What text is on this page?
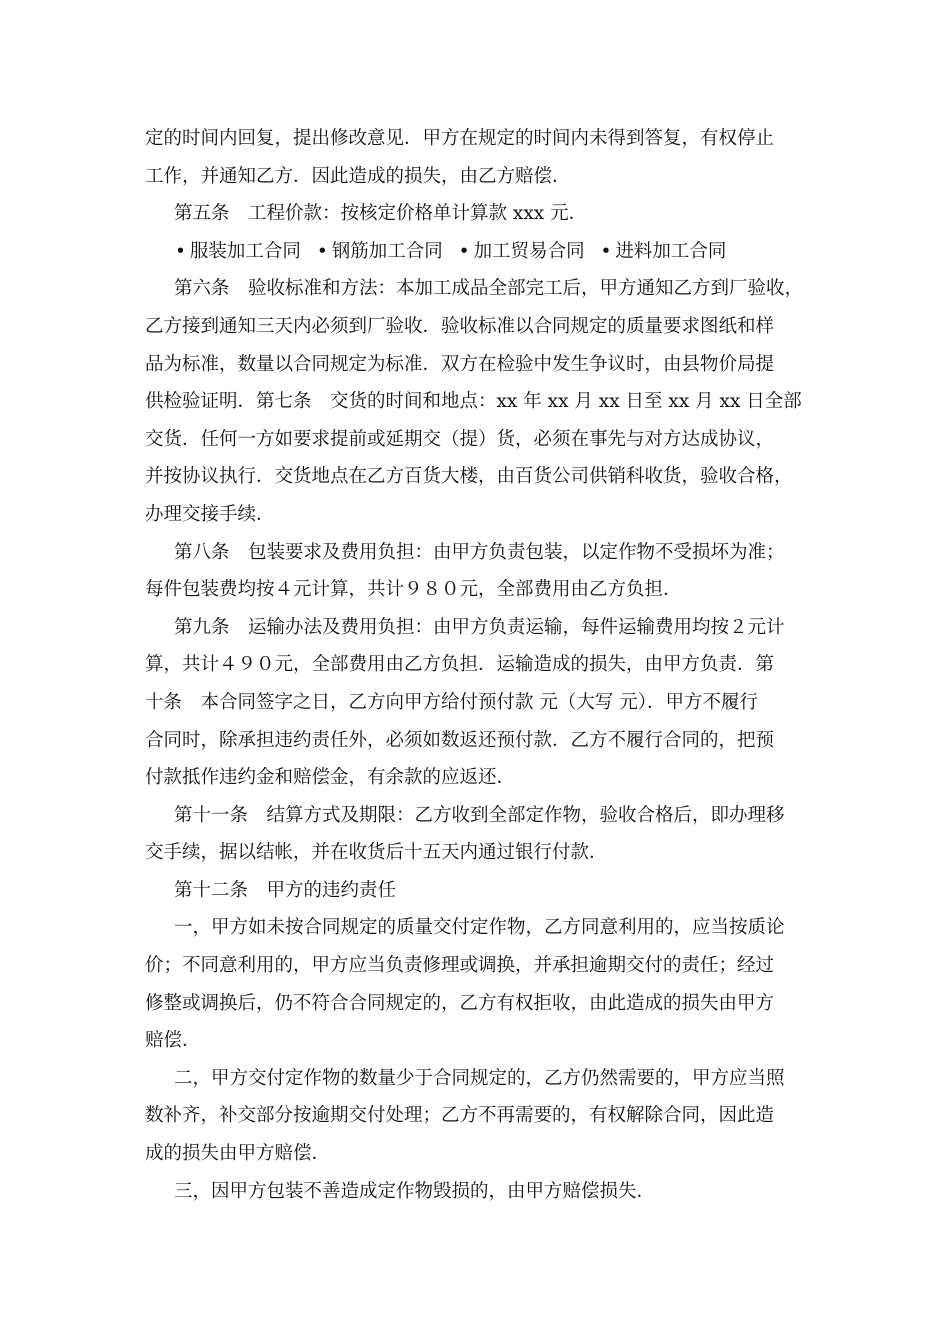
定的时间内回复，提出修改意见．甲方在规定的时间内未得到答复，有权停止
工作，并通知乙方．因此造成的损失，由乙方赔偿．
第五条　工程价款：按核定价格单计算款 xxx 元．
• 服装加工合同 • 钢筋加工合同 • 加工贸易合同 • 进料加工合同
第六条　验收标准和方法：本加工成品全部完工后，甲方通知乙方到厂验收，
乙方接到通知三天内必须到厂验收．验收标准以合同规定的质量要求图纸和样
品为标准，数量以合同规定为标准．双方在检验中发生争议时，由县物价局提
供检验证明．第七条　交货的时间和地点：xx 年 xx 月 xx 日至 xx 月 xx 日全部
交货．任何一方如要求提前或延期交（提）货，必须在事先与对方达成协议，
并按协议执行．交货地点在乙方百货大楼，由百货公司供销科收货，验收合格，
办理交接手续．
第八条　包装要求及费用负担：由甲方负责包装，以定作物不受损坏为准；
每件包装费均按４元计算，共计９８０元，全部费用由乙方负担．
第九条　运输办法及费用负担：由甲方负责运输，每件运输费用均按２元计
算，共计４９０元，全部费用由乙方负担．运输造成的损失，由甲方负责．第
十条　本合同签字之日，乙方向甲方给付预付款 元（大写 元）．甲方不履行
合同时，除承担违约责任外，必须如数返还预付款．乙方不履行合同的，把预
付款抵作违约金和赔偿金，有余款的应返还．
第十一条　结算方式及期限：乙方收到全部定作物，验收合格后，即办理移
交手续，据以结帐，并在收货后十五天内通过银行付款．
第十二条　甲方的违约责任
一，甲方如未按合同规定的质量交付定作物，乙方同意利用的，应当按质论
价；不同意利用的，甲方应当负责修理或调换，并承担逾期交付的责任；经过
修整或调换后，仍不符合合同规定的，乙方有权拒收，由此造成的损失由甲方
赔偿．
二，甲方交付定作物的数量少于合同规定的，乙方仍然需要的，甲方应当照
数补齐，补交部分按逾期交付处理；乙方不再需要的，有权解除合同，因此造
成的损失由甲方赔偿．
三，因甲方包装不善造成定作物毁损的，由甲方赔偿损失．
